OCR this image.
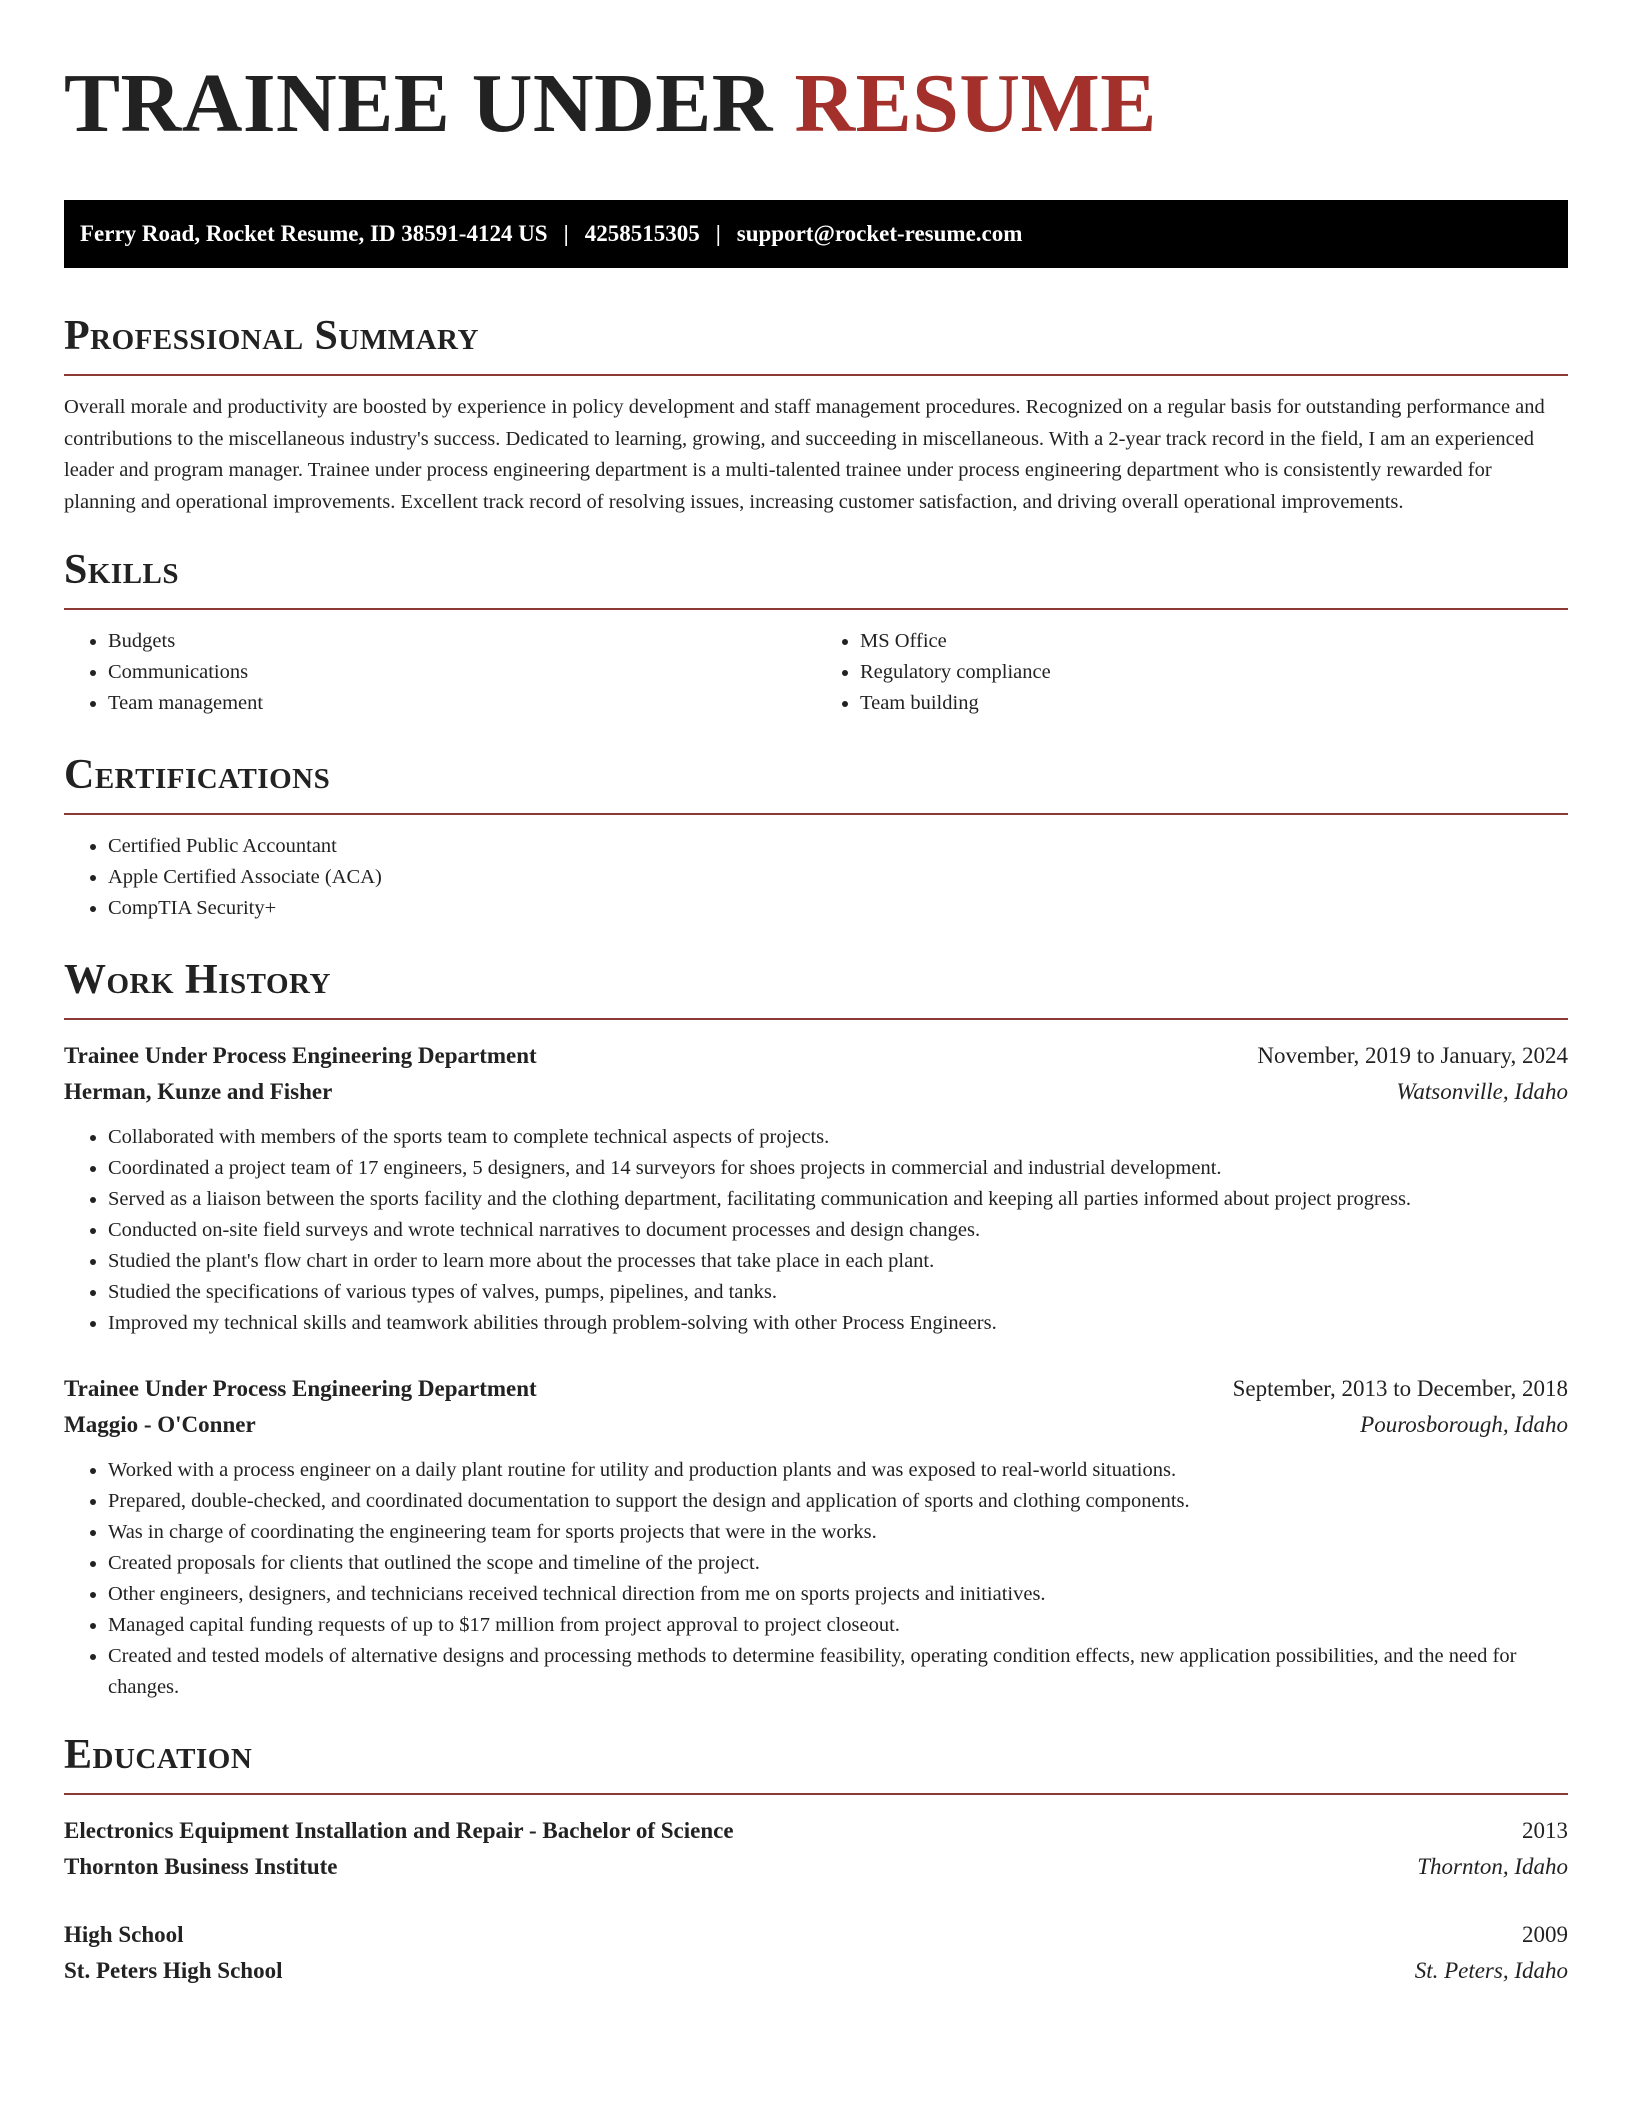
TRAINEE UNDER RESUME
Ferry Road, Rocket Resume, ID 38591-4124 US | 4258515305 | support@rocket-resume.com
Professional Summary

Overall morale and productivity are boosted by experience in policy development and staff management procedures. Recognized on a regular basis for outstanding performance and contributions to the miscellaneous industry's success. Dedicated to learning, growing, and succeeding in miscellaneous. With a 2-year track record in the field, I am an experienced leader and program manager. Trainee under process engineering department is a multi-talented trainee under process engineering department who is consistently rewarded for planning and operational improvements. Excellent track record of resolving issues, increasing customer satisfaction, and driving overall operational improvements.

Skills
• Budgets
• Communications
• Team management
• MS Office
• Regulatory compliance
• Team building
Certifications
• Certified Public Accountant
• Apple Certified Associate (ACA)
• CompTIA Security+
Work History
Trainee Under Process Engineering Department	November, 2019 to January, 2024
Herman, Kunze and Fisher	Watsonville, Idaho
• Collaborated with members of the sports team to complete technical aspects of projects.
• Coordinated a project team of 17 engineers, 5 designers, and 14 surveyors for shoes projects in commercial and industrial development.
• Served as a liaison between the sports facility and the clothing department, facilitating communication and keeping all parties informed about project progress.
• Conducted on-site field surveys and wrote technical narratives to document processes and design changes.
• Studied the plant's flow chart in order to learn more about the processes that take place in each plant.
• Studied the specifications of various types of valves, pumps, pipelines, and tanks.
• Improved my technical skills and teamwork abilities through problem-solving with other Process Engineers.
Trainee Under Process Engineering Department	September, 2013 to December, 2018
Maggio - O'Conner	Pourosborough, Idaho
• Worked with a process engineer on a daily plant routine for utility and production plants and was exposed to real-world situations.
• Prepared, double-checked, and coordinated documentation to support the design and application of sports and clothing components.
• Was in charge of coordinating the engineering team for sports projects that were in the works.
• Created proposals for clients that outlined the scope and timeline of the project.
• Other engineers, designers, and technicians received technical direction from me on sports projects and initiatives.
• Managed capital funding requests of up to $17 million from project approval to project closeout.
• Created and tested models of alternative designs and processing methods to determine feasibility, operating condition effects, new application possibilities, and the need for changes.
Education
Electronics Equipment Installation and Repair - Bachelor of Science	2013
Thornton Business Institute	Thornton, Idaho
High School	2009
St. Peters High School	St. Peters, Idaho
